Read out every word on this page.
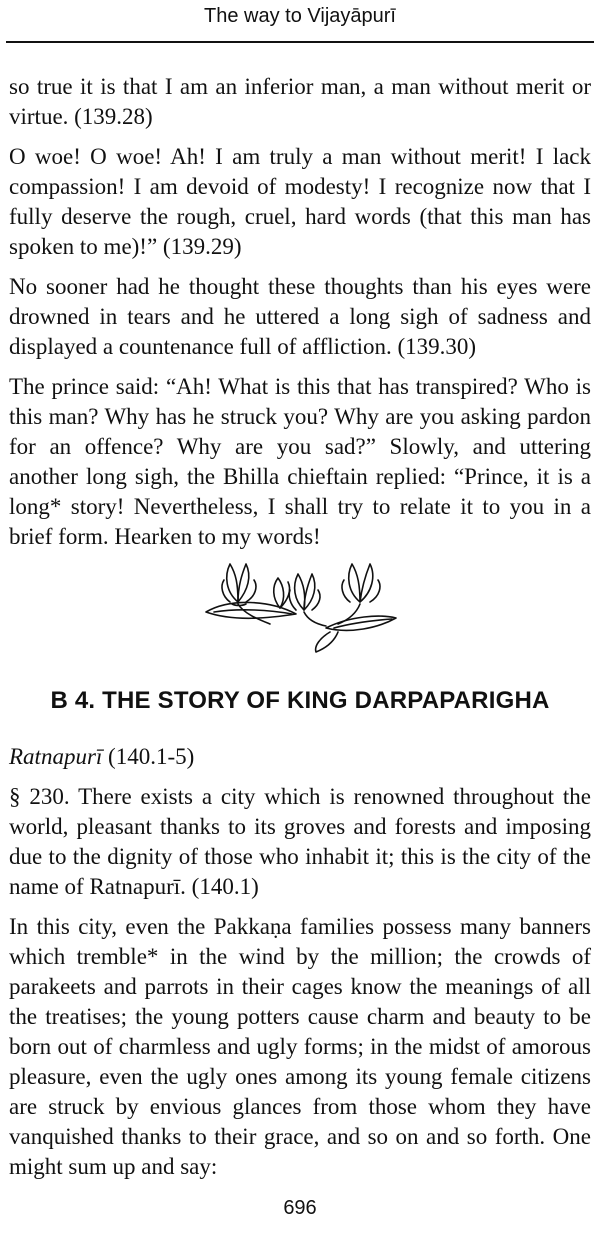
The way to Vijayāpurī

so true it is that I am an inferior man, a man without merit or virtue. (139.28)

O woe! O woe! Ah! I am truly a man without merit! I lack compassion! I am devoid of modesty! I recognize now that I fully deserve the rough, cruel, hard words (that this man has spoken to me)!” (139.29)

No sooner had he thought these thoughts than his eyes were drowned in tears and he uttered a long sigh of sadness and displayed a countenance full of affliction. (139.30)

The prince said: “Ah! What is this that has transpired? Who is this man? Why has he struck you? Why are you asking pardon for an offence? Why are you sad?” Slowly, and uttering another long sigh, the Bhilla chieftain replied: “Prince, it is a long* story! Nevertheless, I shall try to relate it to you in a brief form. Hearken to my words!

B 4. THE STORY OF KING DARPAPARIGHA

Ratnapurī (140.1-5)

§ 230. There exists a city which is renowned throughout the world, pleasant thanks to its groves and forests and imposing due to the dignity of those who inhabit it; this is the city of the name of Ratnapurī. (140.1)

In this city, even the Pakkaṇa families possess many banners which tremble* in the wind by the million; the crowds of parakeets and parrots in their cages know the meanings of all the treatises; the young potters cause charm and beauty to be born out of charmless and ugly forms; in the midst of amorous pleasure, even the ugly ones among its young female citizens are struck by envious glances from those whom they have vanquished thanks to their grace, and so on and so forth. One might sum up and say:

696
